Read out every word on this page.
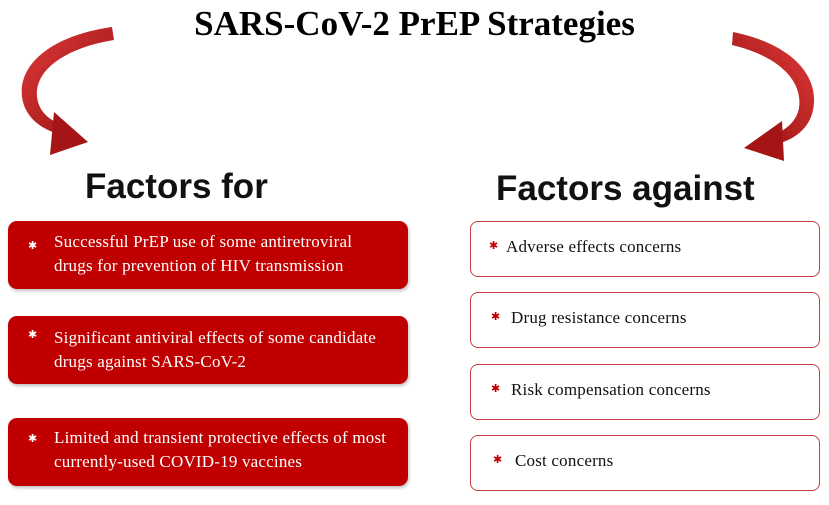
SARS-CoV-2 PrEP Strategies
Factors for	Factors against
✱ Successful PrEP use of some antiretroviral drugs for prevention of HIV transmission
✱ Significant antiviral effects of some candidate drugs against SARS-CoV-2
✱ Limited and transient protective effects of most currently-used COVID-19 vaccines
✱ Adverse effects concerns
✱ Drug resistance concerns
✱ Risk compensation concerns
✱ Cost concerns
